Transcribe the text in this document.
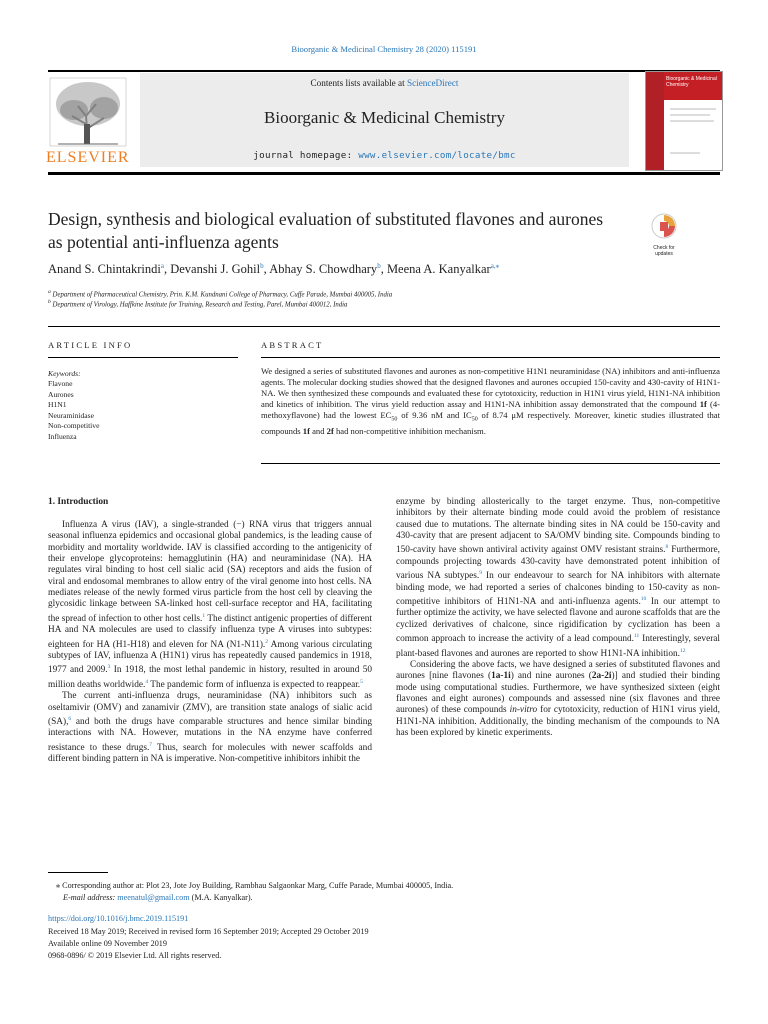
Bioorganic & Medicinal Chemistry 28 (2020) 115191
ELSEVIER
Contents lists available at ScienceDirect
Bioorganic & Medicinal Chemistry
journal homepage: www.elsevier.com/locate/bmc
Bioorganic & Medicinal Chemistry
Design, synthesis and biological evaluation of substituted flavones and aurones as potential anti-influenza agents	Check for updates
Anand S. Chintakrindi$^a$, Devanshi J. Gohil$^b$, Abhay S. Chowdhary$^b$, Meena A. Kanyalkar$^{a,⁎}$
$^a$ Department of Pharmaceutical Chemistry, Prin. K.M. Kundnani College of Pharmacy, Cuffe Parade, Mumbai 400005, India
$^b$ Department of Virology, Haffkine Institute for Training, Research and Testing, Parel, Mumbai 400012, India
ARTICLE INFO
Keywords:
Flavone
Aurones
H1N1
Neuraminidase
Non-competitive
Influenza
ABSTRACT
We designed a series of substituted flavones and aurones as non-competitive H1N1 neuraminidase (NA) inhibitors and anti-influenza agents. The molecular docking studies showed that the designed flavones and aurones occupied 150-cavity and 430-cavity of H1N1-NA. We then synthesized these compounds and evaluated these for cytotoxicity, reduction in H1N1 virus yield, H1N1-NA inhibition and kinetics of inhibition. The virus yield reduction assay and H1N1-NA inhibition assay demonstrated that the compound 1f (4-methoxyflavone) had the lowest $EC_{50}$ of 9.36 nM and $IC_{50}$ of 8.74 μM respectively. Moreover, kinetic studies illustrated that compounds 1f and 2f had non-competitive inhibition mechanism.
1. Introduction

Influenza A virus (IAV), a single-stranded (−) RNA virus that triggers annual seasonal influenza epidemics and occasional global pandemics, is the leading cause of morbidity and mortality worldwide. IAV is classified according to the antigenicity of their envelope glycoproteins: hemagglutinin (HA) and neuraminidase (NA). HA regulates viral binding to host cell sialic acid (SA) receptors and aids the fusion of viral and endosomal membranes to allow entry of the viral genome into host cells. NA mediates release of the newly formed virus particle from the host cell by cleaving the glycosidic linkage between SA-linked host cell-surface receptor and HA, facilitating the spread of infection to other host cells.$^1$ The distinct antigenic properties of different HA and NA molecules are used to classify influenza type A viruses into subtypes: eighteen for HA (H1-H18) and eleven for NA (N1-N11).$^2$ Among various circulating subtypes of IAV, influenza A (H1N1) virus has repeatedly caused pandemics in 1918, 1977 and 2009.$^3$ In 1918, the most lethal pandemic in history, resulted in around 50 million deaths worldwide.$^4$ The pandemic form of influenza is expected to reappear.$^5$

The current anti-influenza drugs, neuraminidase (NA) inhibitors such as oseltamivir (OMV) and zanamivir (ZMV), are transition state analogs of sialic acid (SA),$^6$ and both the drugs have comparable structures and hence similar binding interactions with NA. However, mutations in the NA enzyme have conferred resistance to these drugs.$^7$ Thus, search for molecules with newer scaffolds and different binding pattern in NA is imperative. Non-competitive inhibitors inhibit the

enzyme by binding allosterically to the target enzyme. Thus, non-competitive inhibitors by their alternate binding mode could avoid the problem of resistance caused due to mutations. The alternate binding sites in NA could be 150-cavity and 430-cavity that are present adjacent to SA/OMV binding site. Compounds binding to 150-cavity have shown antiviral activity against OMV resistant strains.$^8$ Furthermore, compounds projecting towards 430-cavity have demonstrated potent inhibition of various NA subtypes.$^9$ In our endeavour to search for NA inhibitors with alternate binding mode, we had reported a series of chalcones binding to 150-cavity as non-competitive inhibitors of H1N1-NA and anti-influenza agents.$^{10}$ In our attempt to further optimize the activity, we have selected flavone and aurone scaffolds that are the cyclized derivatives of chalcone, since rigidification by cyclization has been a common approach to increase the activity of a lead compound.$^{11}$ Interestingly, several plant-based flavones and aurones are reported to show H1N1-NA inhibition.$^{12}$

Considering the above facts, we have designed a series of substituted flavones and aurones [nine flavones (1a-1i) and nine aurones (2a-2i)] and studied their binding mode using computational studies. Furthermore, we have synthesized sixteen (eight flavones and eight aurones) compounds and assessed nine (six flavones and three aurones) of these compounds in-vitro for cytotoxicity, reduction of H1N1 virus yield, H1N1-NA inhibition. Additionally, the binding mechanism of the compounds to NA has been explored by kinetic experiments.

⁎ Corresponding author at: Plot 23, Jote Joy Building, Rambhau Salgaonkar Marg, Cuffe Parade, Mumbai 400005, India.
E-mail address: meenatul@gmail.com (M.A. Kanyalkar).
https://doi.org/10.1016/j.bmc.2019.115191
Received 18 May 2019; Received in revised form 16 September 2019; Accepted 29 October 2019
Available online 09 November 2019
0968-0896/ © 2019 Elsevier Ltd. All rights reserved.
